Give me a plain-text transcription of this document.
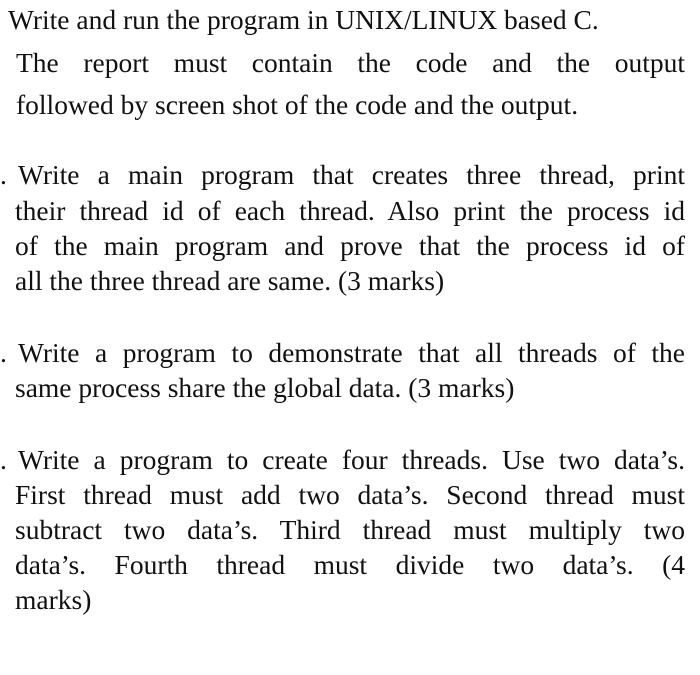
Write and run the program in UNIX/LINUX based C.
The report must contain the code and the output
followed by screen shot of the code and the output.
. Write a main program that creates three thread, print
their thread id of each thread. Also print the process id
of the main program and prove that the process id of
all the three thread are same. (3 marks)
. Write a program to demonstrate that all threads of the
same process share the global data. (3 marks)
. Write a program to create four threads. Use two data’s.
First thread must add two data’s. Second thread must
subtract two data’s. Third thread must multiply two
data’s. Fourth thread must divide two data’s. (4
marks)
